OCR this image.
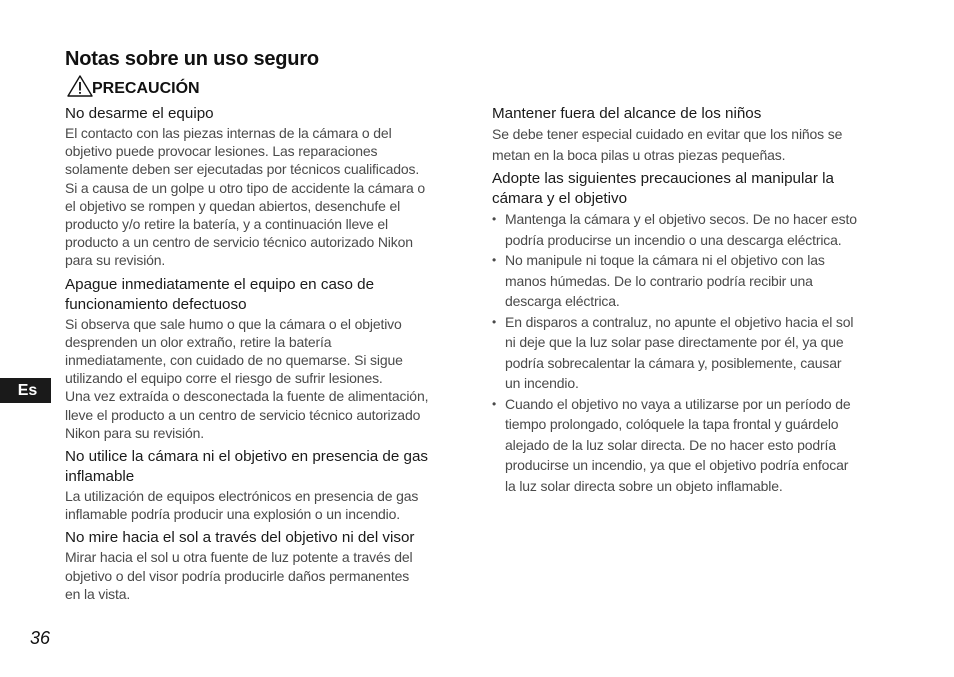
Notas sobre un uso seguro
PRECAUCIÓN
No desarme el equipo
El contacto con las piezas internas de la cámara o del
objetivo puede provocar lesiones. Las reparaciones
solamente deben ser ejecutadas por técnicos cualificados.
Si a causa de un golpe u otro tipo de accidente la cámara o
el objetivo se rompen y quedan abiertos, desenchufe el
producto y/o retire la batería, y a continuación lleve el
producto a un centro de servicio técnico autorizado Nikon
para su revisión.
Apague inmediatamente el equipo en caso de
funcionamiento defectuoso
Si observa que sale humo o que la cámara o el objetivo
desprenden un olor extraño, retire la batería
inmediatamente, con cuidado de no quemarse. Si sigue
utilizando el equipo corre el riesgo de sufrir lesiones.
Una vez extraída o desconectada la fuente de alimentación,
lleve el producto a un centro de servicio técnico autorizado
Nikon para su revisión.
No utilice la cámara ni el objetivo en presencia de gas
inflamable
La utilización de equipos electrónicos en presencia de gas
inflamable podría producir una explosión o un incendio.
No mire hacia el sol a través del objetivo ni del visor
Mirar hacia el sol u otra fuente de luz potente a través del
objetivo o del visor podría producirle daños permanentes
en la vista.
Mantener fuera del alcance de los niños
Se debe tener especial cuidado en evitar que los niños se
metan en la boca pilas u otras piezas pequeñas.
Adopte las siguientes precauciones al manipular la
cámara y el objetivo
• Mantenga la cámara y el objetivo secos. De no hacer esto
podría producirse un incendio o una descarga eléctrica.
• No manipule ni toque la cámara ni el objetivo con las
manos húmedas. De lo contrario podría recibir una
descarga eléctrica.
• En disparos a contraluz, no apunte el objetivo hacia el sol
ni deje que la luz solar pase directamente por él, ya que
podría sobrecalentar la cámara y, posiblemente, causar
un incendio.
• Cuando el objetivo no vaya a utilizarse por un período de
tiempo prolongado, colóquele la tapa frontal y guárdelo
alejado de la luz solar directa. De no hacer esto podría
producirse un incendio, ya que el objetivo podría enfocar
la luz solar directa sobre un objeto inflamable.
Es
36
